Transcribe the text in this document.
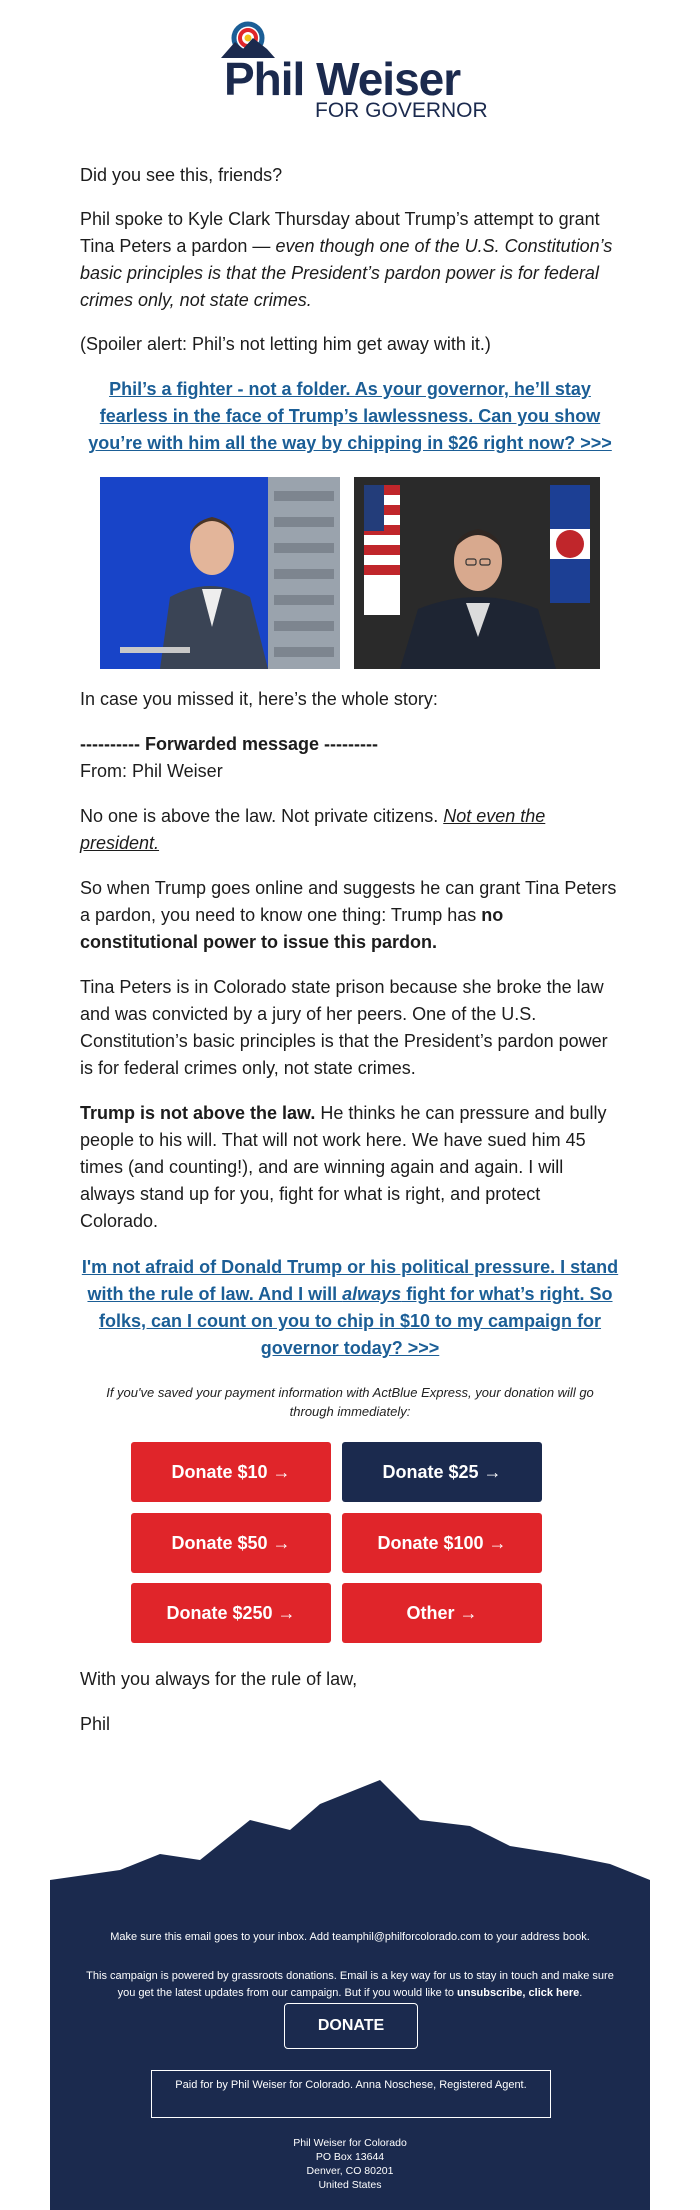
Phil Weiser
FOR GOVERNOR

Did you see this, friends?

Phil spoke to Kyle Clark Thursday about Trump’s attempt to grant Tina Peters a pardon — even though one of the U.S. Constitution’s basic principles is that the President’s pardon power is for federal crimes only, not state crimes.

(Spoiler alert: Phil’s not letting him get away with it.)

Phil’s a fighter - not a folder. As your governor, he’ll stay fearless in the face of Trump’s lawlessness. Can you show you’re with him all the way by chipping in $26 right now? >>>

In case you missed it, here’s the whole story:

---------- Forwarded message ---------

From: Phil Weiser

No one is above the law. Not private citizens. Not even the president.

So when Trump goes online and suggests he can grant Tina Peters a pardon, you need to know one thing: Trump has no constitutional power to issue this pardon.

Tina Peters is in Colorado state prison because she broke the law and was convicted by a jury of her peers. One of the U.S. Constitution’s basic principles is that the President’s pardon power is for federal crimes only, not state crimes.

Trump is not above the law. He thinks he can pressure and bully people to his will. That will not work here. We have sued him 45 times (and counting!), and are winning again and again. I will always stand up for you, fight for what is right, and protect Colorado.

I'm not afraid of Donald Trump or his political pressure. I stand with the rule of law. And I will always fight for what’s right. So folks, can I count on you to chip in $10 to my campaign for governor today? >>>
If you've saved your payment information with ActBlue Express, your donation will go through immediately:
Donate $10 →	Donate $25 →
Donate $50 →	Donate $100 →
Donate $250 →	Other →

With you always for the rule of law,

Phil

Make sure this email goes to your inbox. Add teamphil@philforcolorado.com to your address book.
This campaign is powered by grassroots donations. Email is a key way for us to stay in touch and make sure you get the latest updates from our campaign. But if you would like to unsubscribe, click here.
DONATE
Paid for by Phil Weiser for Colorado. Anna Noschese, Registered Agent.
Phil Weiser for Colorado
PO Box 13644
Denver, CO 80201
United States
